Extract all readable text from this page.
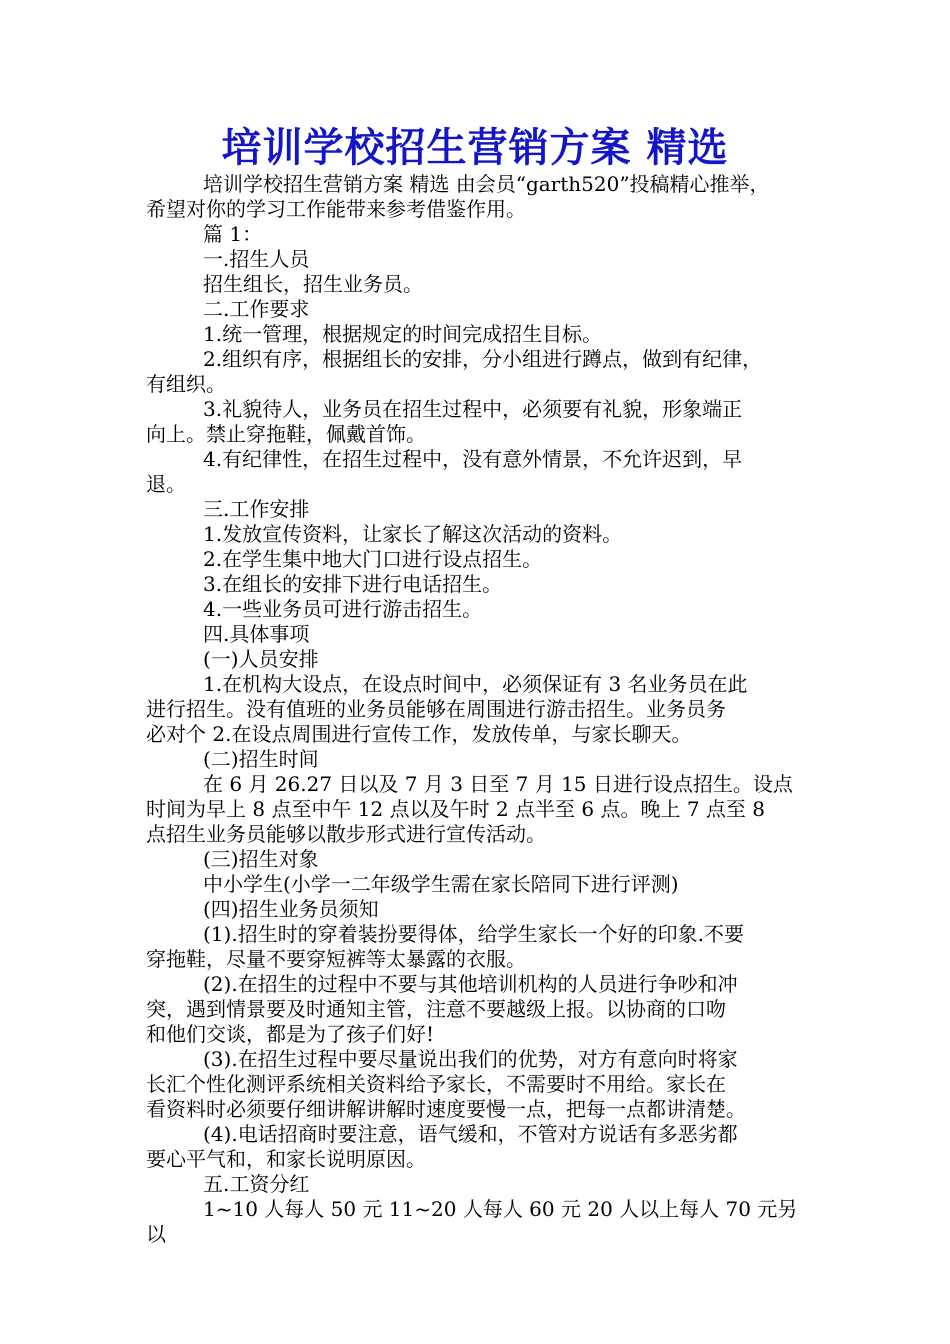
培训学校招生营销方案 精选

培训学校招生营销方案 精选 由会员“garth520”投稿精心推举，
希望对你的学习工作能带来参考借鉴作用。

篇 1：

一.招生人员

招生组长，招生业务员。

二.工作要求

1.统一管理，根据规定的时间完成招生目标。

2.组织有序，根据组长的安排，分小组进行蹲点，做到有纪律，
有组织。

3.礼貌待人，业务员在招生过程中，必须要有礼貌，形象端正
向上。禁止穿拖鞋，佩戴首饰。

4.有纪律性，在招生过程中，没有意外情景，不允许迟到，早
退。

三.工作安排

1.发放宣传资料，让家长了解这次活动的资料。

2.在学生集中地大门口进行设点招生。

3.在组长的安排下进行电话招生。

4.一些业务员可进行游击招生。

四.具体事项

(一)人员安排

1.在机构大设点，在设点时间中，必须保证有 3 名业务员在此
进行招生。没有值班的业务员能够在周围进行游击招生。业务员务
必对个 2.在设点周围进行宣传工作，发放传单，与家长聊天。

(二)招生时间

在 6 月 26.27 日以及 7 月 3 日至 7 月 15 日进行设点招生。设点
时间为早上 8 点至中午 12 点以及午时 2 点半至 6 点。晚上 7 点至 8
点招生业务员能够以散步形式进行宣传活动。

(三)招生对象

中小学生(小学一二年级学生需在家长陪同下进行评测)

(四)招生业务员须知

(1).招生时的穿着装扮要得体，给学生家长一个好的印象.不要
穿拖鞋，尽量不要穿短裤等太暴露的衣服。

(2).在招生的过程中不要与其他培训机构的人员进行争吵和冲
突，遇到情景要及时通知主管，注意不要越级上报。以协商的口吻
和他们交谈，都是为了孩子们好!

(3).在招生过程中要尽量说出我们的优势，对方有意向时将家
长汇个性化测评系统相关资料给予家长，不需要时不用给。家长在
看资料时必须要仔细讲解讲解时速度要慢一点，把每一点都讲清楚。

(4).电话招商时要注意，语气缓和，不管对方说话有多恶劣都
要心平气和，和家长说明原因。

五.工资分红

1~10 人每人 50 元 11~20 人每人 60 元 20 人以上每人 70 元另以
